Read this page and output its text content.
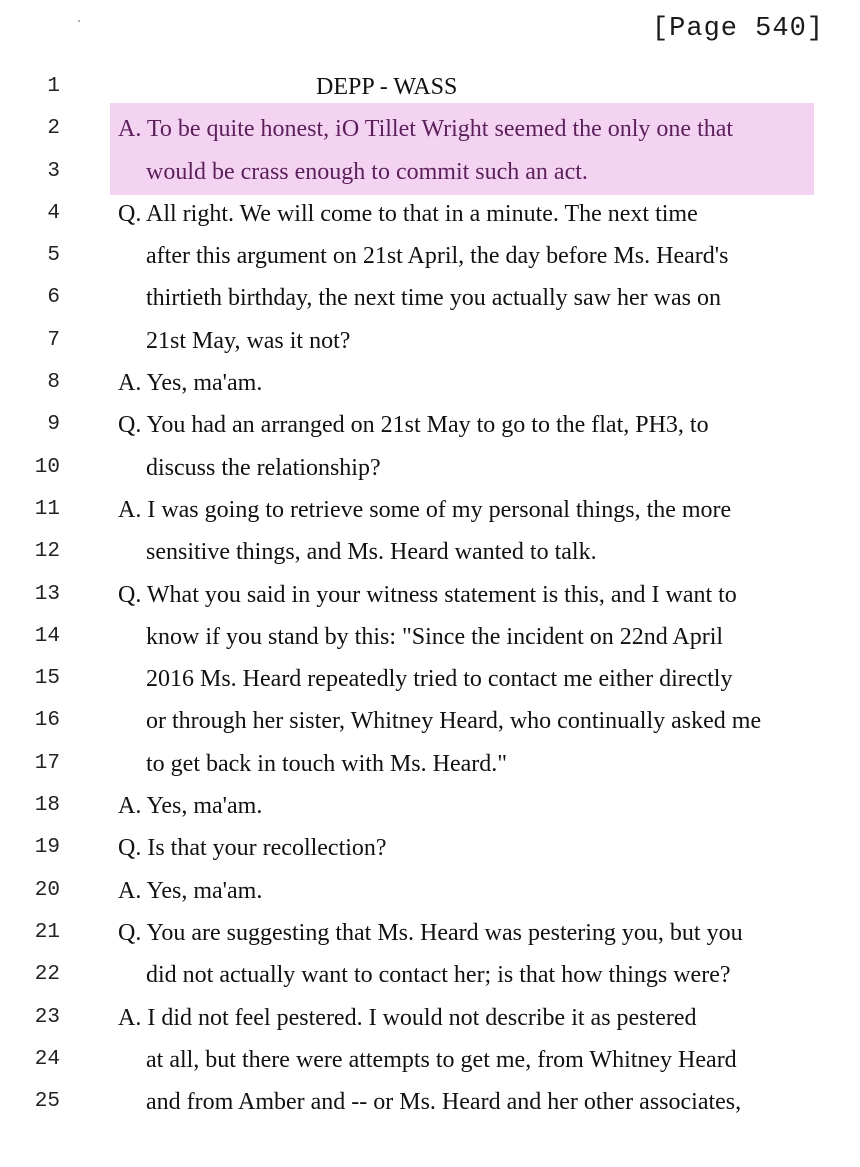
[Page 540]
1	DEPP - WASS
2 A. To be quite honest, iO Tillet Wright seemed the only one that
3	would be crass enough to commit such an act.
4 Q. All right. We will come to that in a minute. The next time
5	after this argument on 21st April, the day before Ms. Heard's
6	thirtieth birthday, the next time you actually saw her was on
7	21st May, was it not?
8 A. Yes, ma'am.
9 Q. You had an arranged on 21st May to go to the flat, PH3, to
10	discuss the relationship?
11 A. I was going to retrieve some of my personal things, the more
12	sensitive things, and Ms. Heard wanted to talk.
13 Q. What you said in your witness statement is this, and I want to
14	know if you stand by this: "Since the incident on 22nd April
15	2016 Ms. Heard repeatedly tried to contact me either directly
16	or through her sister, Whitney Heard, who continually asked me
17	to get back in touch with Ms. Heard."
18 A. Yes, ma'am.
19 Q. Is that your recollection?
20 A. Yes, ma'am.
21 Q. You are suggesting that Ms. Heard was pestering you, but you
22	did not actually want to contact her; is that how things were?
23 A. I did not feel pestered. I would not describe it as pestered
24	at all, but there were attempts to get me, from Whitney Heard
25	and from Amber and -- or Ms. Heard and her other associates,
